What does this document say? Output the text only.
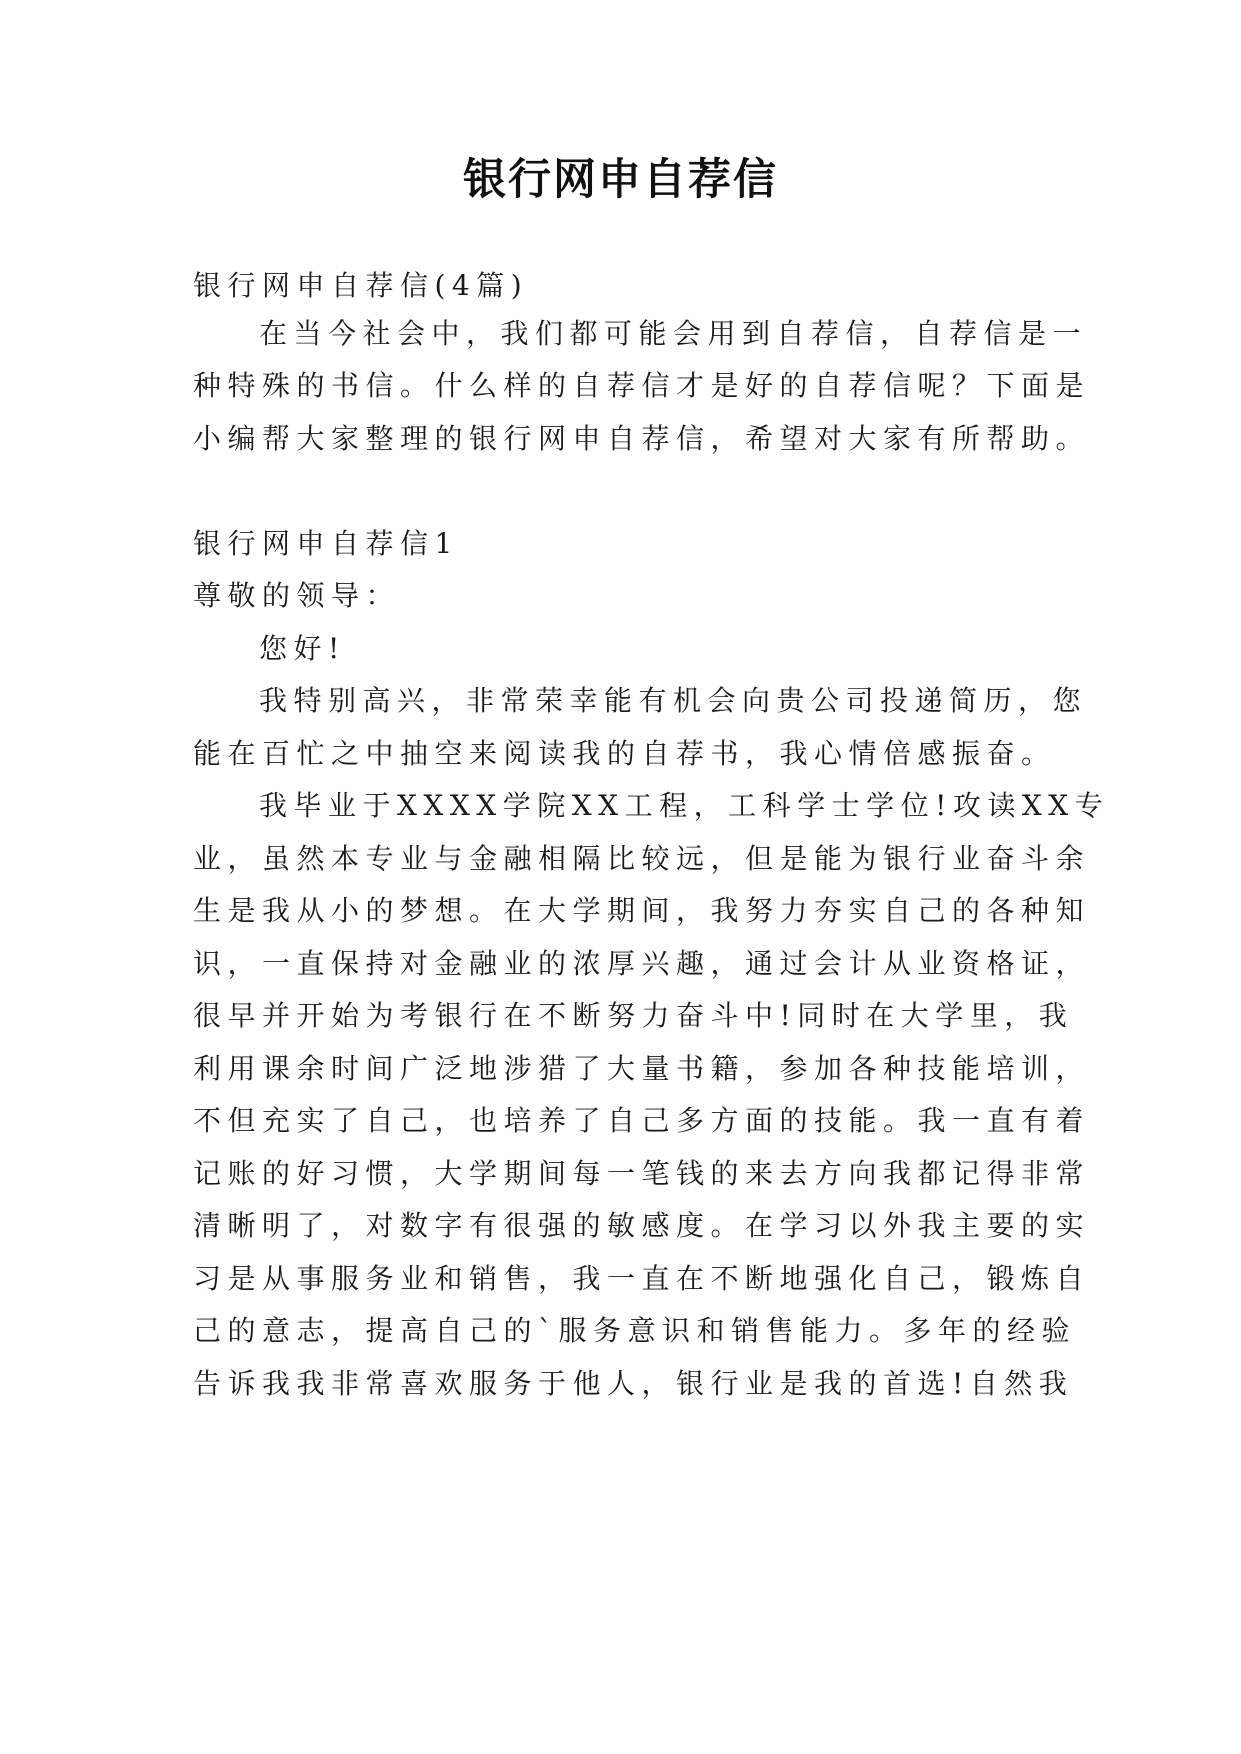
银行网申自荐信
银行网申自荐信(4篇)
在当今社会中，我们都可能会用到自荐信，自荐信是一
种特殊的书信。什么样的自荐信才是好的自荐信呢？下面是
小编帮大家整理的银行网申自荐信，希望对大家有所帮助。
银行网申自荐信1
尊敬的领导：
您好!
我特别高兴，非常荣幸能有机会向贵公司投递简历，您
能在百忙之中抽空来阅读我的自荐书，我心情倍感振奋。
我毕业于XXXX学院XX工程，工科学士学位!攻读XX专
业，虽然本专业与金融相隔比较远，但是能为银行业奋斗余
生是我从小的梦想。在大学期间，我努力夯实自己的各种知
识，一直保持对金融业的浓厚兴趣，通过会计从业资格证，
很早并开始为考银行在不断努力奋斗中!同时在大学里，我
利用课余时间广泛地涉猎了大量书籍，参加各种技能培训，
不但充实了自己，也培养了自己多方面的技能。我一直有着
记账的好习惯，大学期间每一笔钱的来去方向我都记得非常
清晰明了，对数字有很强的敏感度。在学习以外我主要的实
习是从事服务业和销售，我一直在不断地强化自己，锻炼自
己的意志，提高自己的`服务意识和销售能力。多年的经验
告诉我我非常喜欢服务于他人，银行业是我的首选!自然我
